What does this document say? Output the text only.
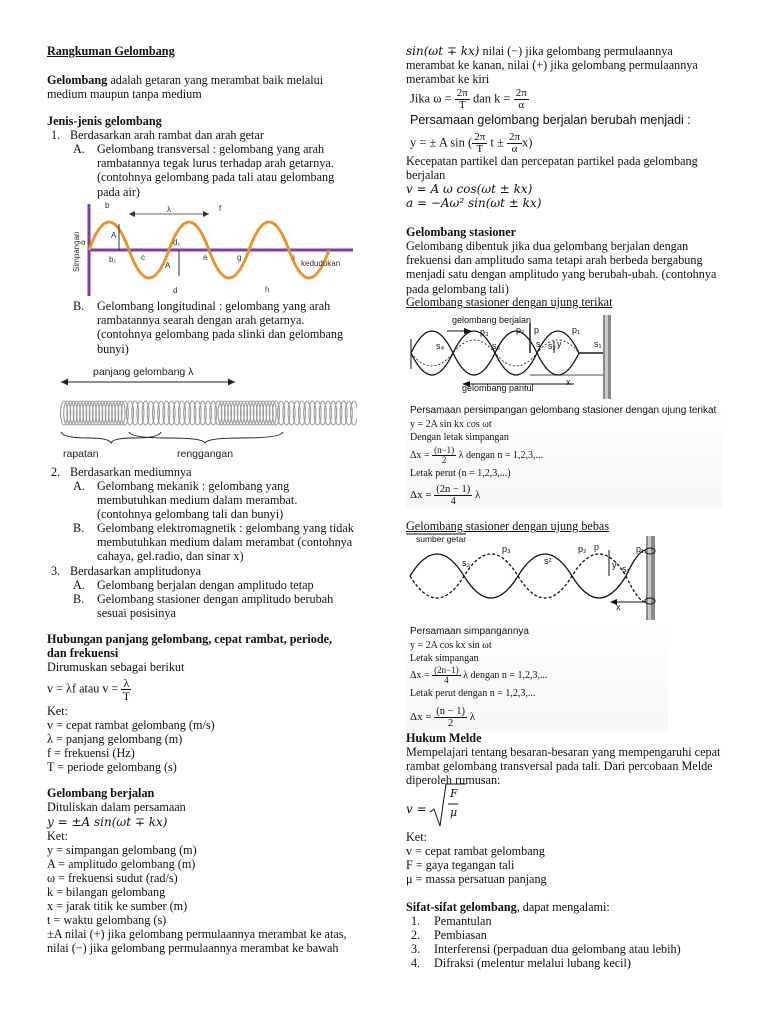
Rangkuman Gelombang
Gelombang adalah getaran yang merambat baik melalui medium maupun tanpa medium
Jenis-jenis gelombang
1. Berdasarkan arah rambat dan arah getar
A. Gelombang transversal : gelombang yang arah rambatannya tegak lurus terhadap arah getarnya. (contohnya gelombang pada tali atau gelombang pada air)
Simpangan o
b	λ	f
A
b₁	c
d₁
A
e	g
d	h
i
kedudukan
B. Gelombang longitudinal : gelombang yang arah rambatannya searah dengan arah getarnya. (contohnya gelombang pada slinki dan gelombang bunyi)
panjang gelombang λ
rapatan	renggangan
2. Berdasarkan mediumnya
A. Gelombang mekanik : gelombang yang membutuhkan medium dalam merambat. (contohnya gelombang tali dan bunyi)
B. Gelombang elektromagnetik : gelombang yang tidak membutuhkan medium dalam merambat (contohnya cahaya, gel.radio, dan sinar x)
3. Berdasarkan amplitudonya
A. Gelombang berjalan dengan amplitudo tetap
B. Gelombang stasioner dengan amplitudo berubah sesuai posisinya
Hubungan panjang gelombang, cepat rambat, periode, dan frekuensi
Dirumuskan sebagai berikut
v = λf atau $v = \frac{\lambda}{T}$
Ket:
v = cepat rambat gelombang (m/s)
λ = panjang gelombang (m)
f = frekuensi (Hz)
T = periode gelombang (s)
Gelombang berjalan
Dituliskan dalam persamaan
y = ±A sin(ωt ∓ kx)
Ket:
y = simpangan gelombang (m)
A = amplitudo gelombang (m)
ω = frekuensi sudut (rad/s)
k = bilangan gelombang
x = jarak titik ke sumber (m)
t = waktu gelombang (s)
±A nilai (+) jika gelombang permulaannya merambat ke atas, nilai (−) jika gelombang permulaannya merambat ke bawah
sin(ωt ∓ kx) nilai (−) jika gelombang permulaannya merambat ke kanan, nilai (+) jika gelombang permulaannya merambat ke kiri
Jika $\omega = \frac{2\pi}{T}$ dan $k = \frac{2\pi}{\alpha}$
Persamaan gelombang berjalan berubah menjadi :
y = ± A sin ( $\frac{2\pi}{T}$ $t \pm \frac{2\pi}{\alpha} x$)
Kecepatan partikel dan percepatan partikel pada gelombang berjalan
v = A ω cos(ωt ± kx)
a = −Aω² sin(ωt ± kx)
Gelombang stasioner
Gelombang dibentuk jika dua gelombang berjalan dengan frekuensi dan amplitudo sama tetapi arah berbeda bergabung menjadi satu dengan amplitudo yang berubah-ubah. (contohnya pada gelombang tali)
Gelombang stasioner dengan ujung terikat
gelombang berjalan
p₃	p₂ p	p₁
s₄	s₃	s₂	s₁
s y
gelombang pantul
x
Persamaan persimpangan gelombang stasioner dengan ujung terikat
y = 2A sin kx cos ωt
Dengan letak simpangan
$\Delta x = \frac{(n-1)}{2}$ λ dengan n = 1,2,3,...
Letak perut (n = 1,2,3,...)
$\Delta x = \frac{(2n - 1)}{4}$ λ
Gelombang stasioner dengan ujung bebas
sumber getar
p₃	p₂ p	p₁
s₃	s²
s₁
y
x
Persamaan simpangannya
y = 2A cos kx sin ωt
Letak simpangan
$\Delta x = \frac{(2n-1)}{4}$ λ dengan n = 1,2,3,...
Letak perut dengan n = 1,2,3,...
$\Delta x = \frac{(n - 1)}{2}$ λ
Hukum Melde
Mempelajari tentang besaran-besaran yang mempengaruhi cepat rambat gelombang transversal pada tali. Dari percobaan Melde diperoleh rumusan:
v =
F
μ
Ket:
v = cepat rambat gelombang
F = gaya tegangan tali
μ = massa persatuan panjang
Sifat-sifat gelombang, dapat mengalami:
1. Pemantulan
2. Pembiasan
3. Interferensi (perpaduan dua gelombang atau lebih)
4. Difraksi (melentur melalui lubang kecil)
